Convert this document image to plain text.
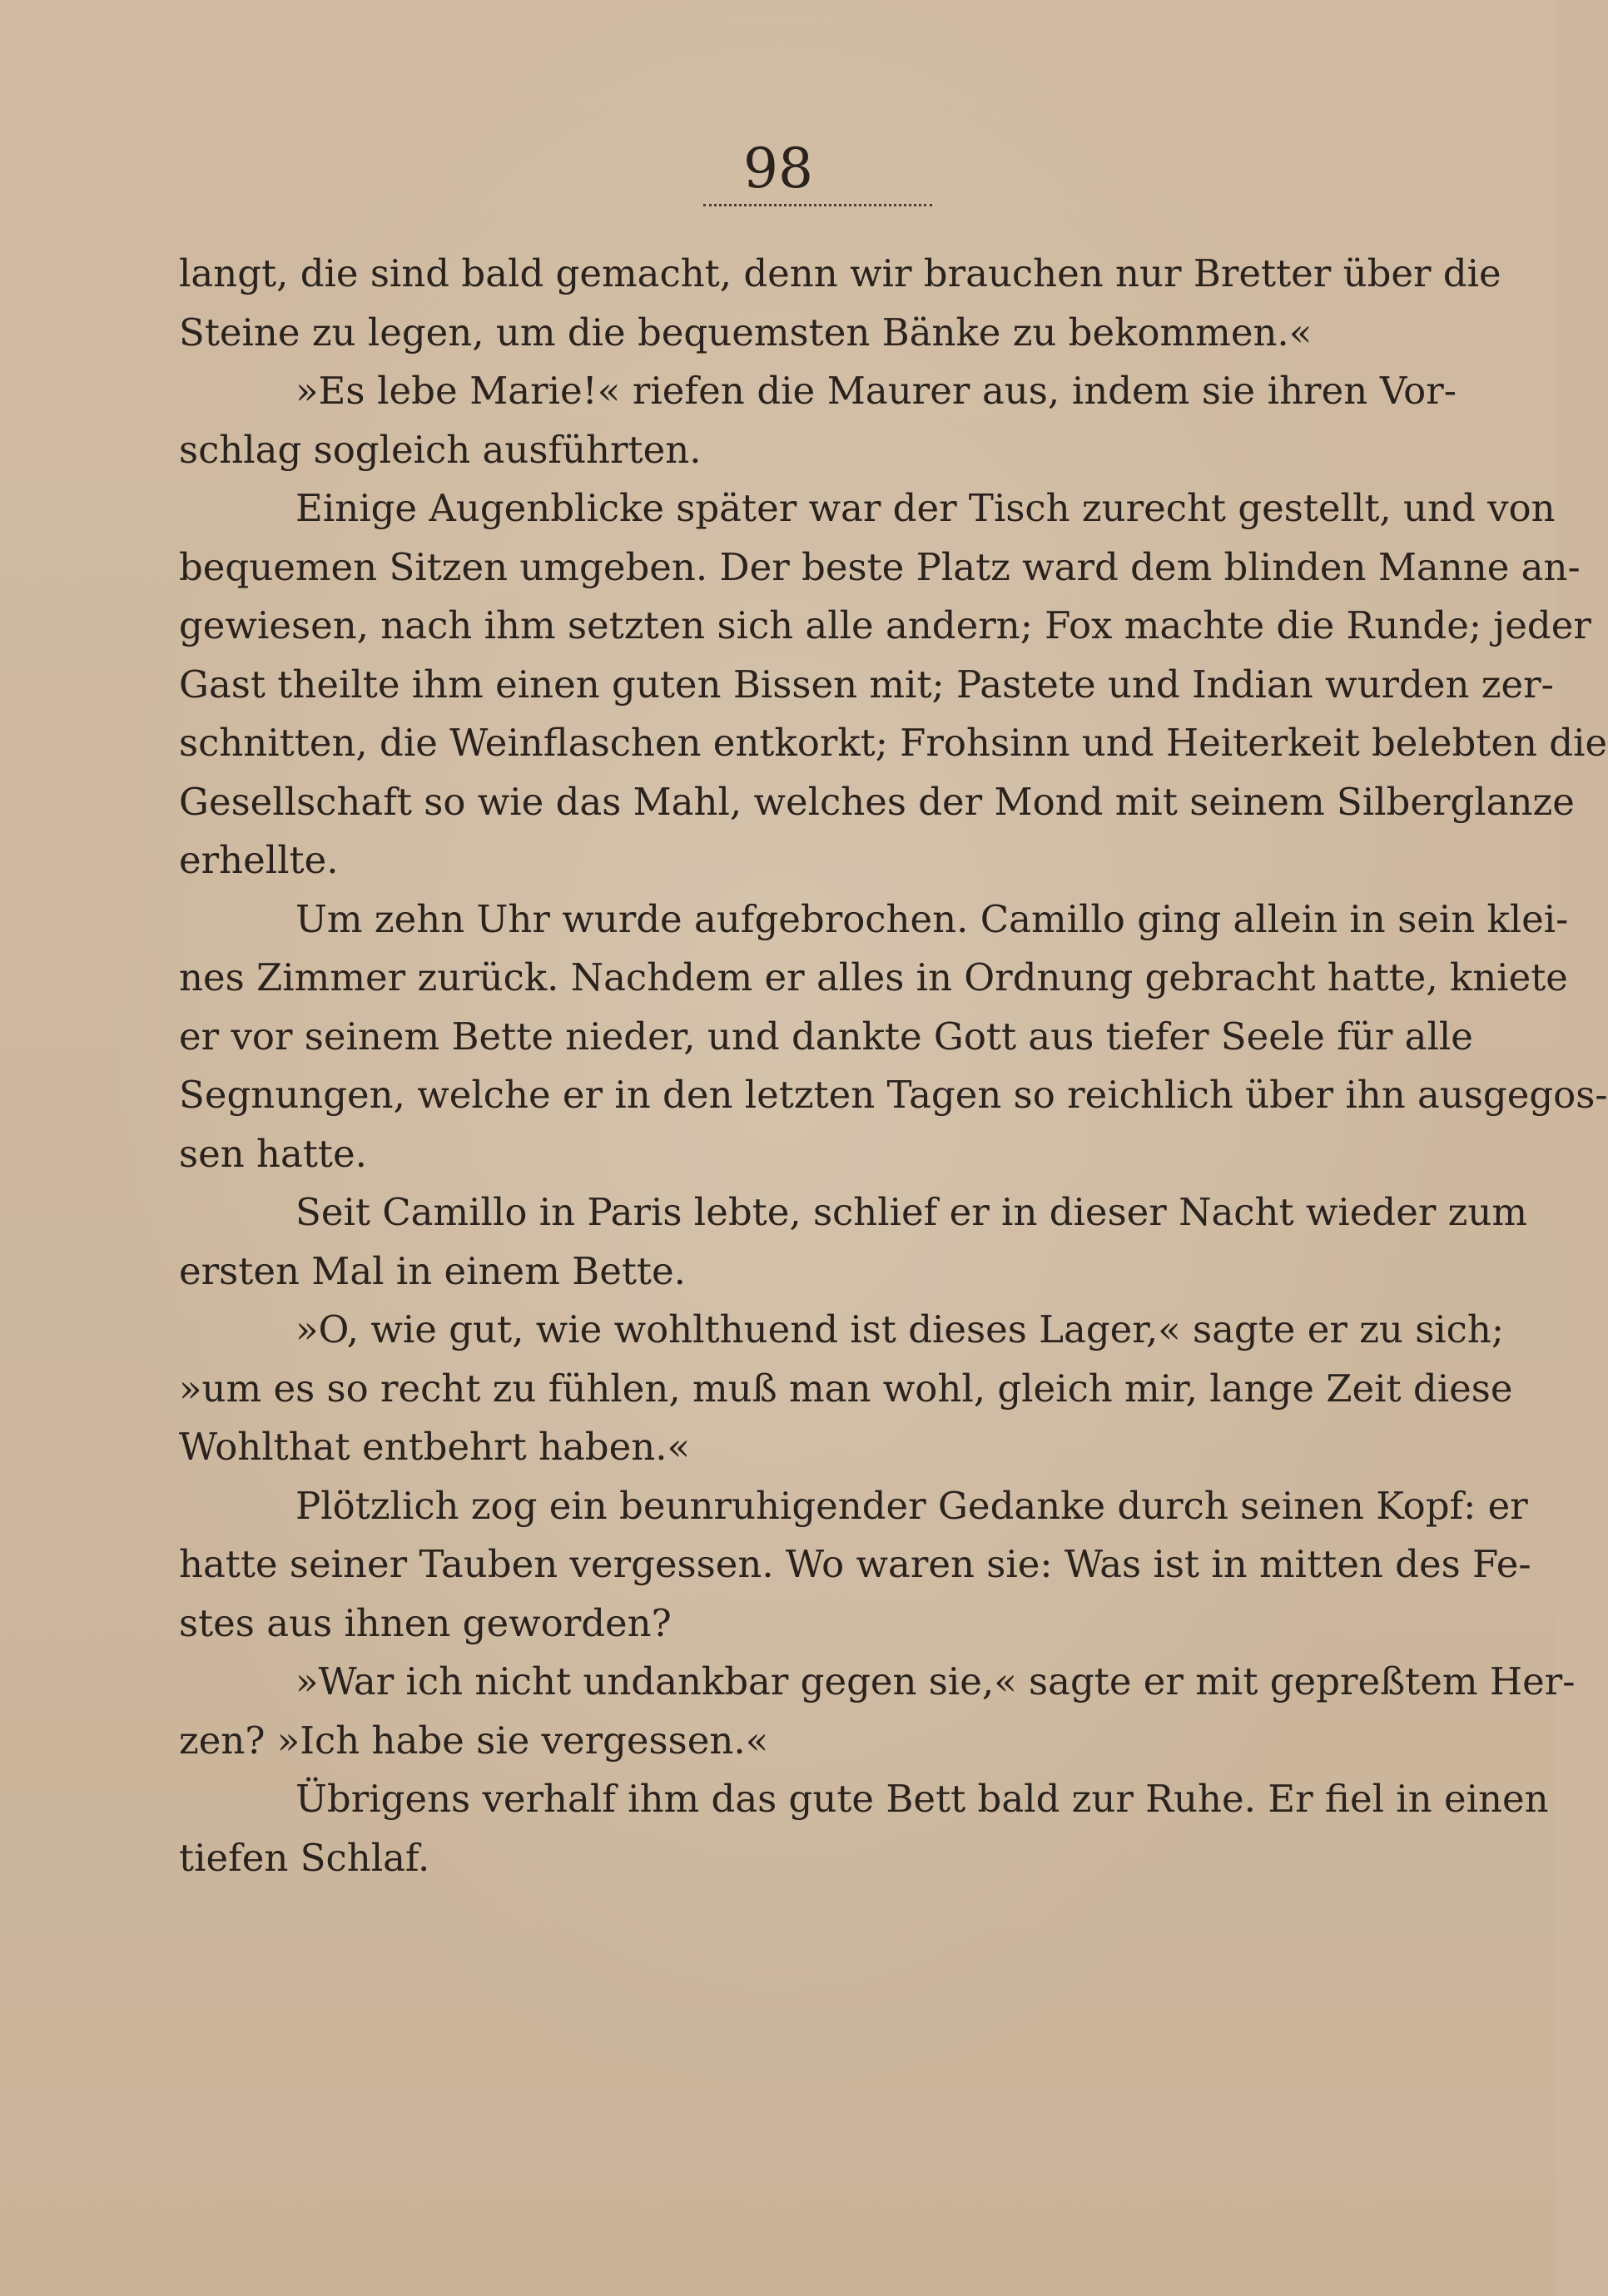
98
langt, die sind bald gemacht, denn wir brauchen nur Bretter über die
Steine zu legen, um die bequemsten Bänke zu bekommen.«
»Es lebe Marie!« riefen die Maurer aus, indem sie ihren Vor-
schlag sogleich ausführten.
Einige Augenblicke später war der Tisch zurecht gestellt, und von
bequemen Sitzen umgeben. Der beste Platz ward dem blinden Manne an-
gewiesen, nach ihm setzten sich alle andern; Fox machte die Runde; jeder
Gast theilte ihm einen guten Bissen mit; Pastete und Indian wurden zer-
schnitten, die Weinflaschen entkorkt; Frohsinn und Heiterkeit belebten die
Gesellschaft so wie das Mahl, welches der Mond mit seinem Silberglanze
erhellte.
Um zehn Uhr wurde aufgebrochen. Camillo ging allein in sein klei-
nes Zimmer zurück. Nachdem er alles in Ordnung gebracht hatte, kniete
er vor seinem Bette nieder, und dankte Gott aus tiefer Seele für alle
Segnungen, welche er in den letzten Tagen so reichlich über ihn ausgegos-
sen hatte.
Seit Camillo in Paris lebte, schlief er in dieser Nacht wieder zum
ersten Mal in einem Bette.
»O, wie gut, wie wohlthuend ist dieses Lager,« sagte er zu sich;
»um es so recht zu fühlen, muß man wohl, gleich mir, lange Zeit diese
Wohlthat entbehrt haben.«
Plötzlich zog ein beunruhigender Gedanke durch seinen Kopf: er
hatte seiner Tauben vergessen. Wo waren sie: Was ist in mitten des Fe-
stes aus ihnen geworden?
»War ich nicht undankbar gegen sie,« sagte er mit gepreßtem Her-
zen? »Ich habe sie vergessen.«
Übrigens verhalf ihm das gute Bett bald zur Ruhe. Er fiel in einen
tiefen Schlaf.
